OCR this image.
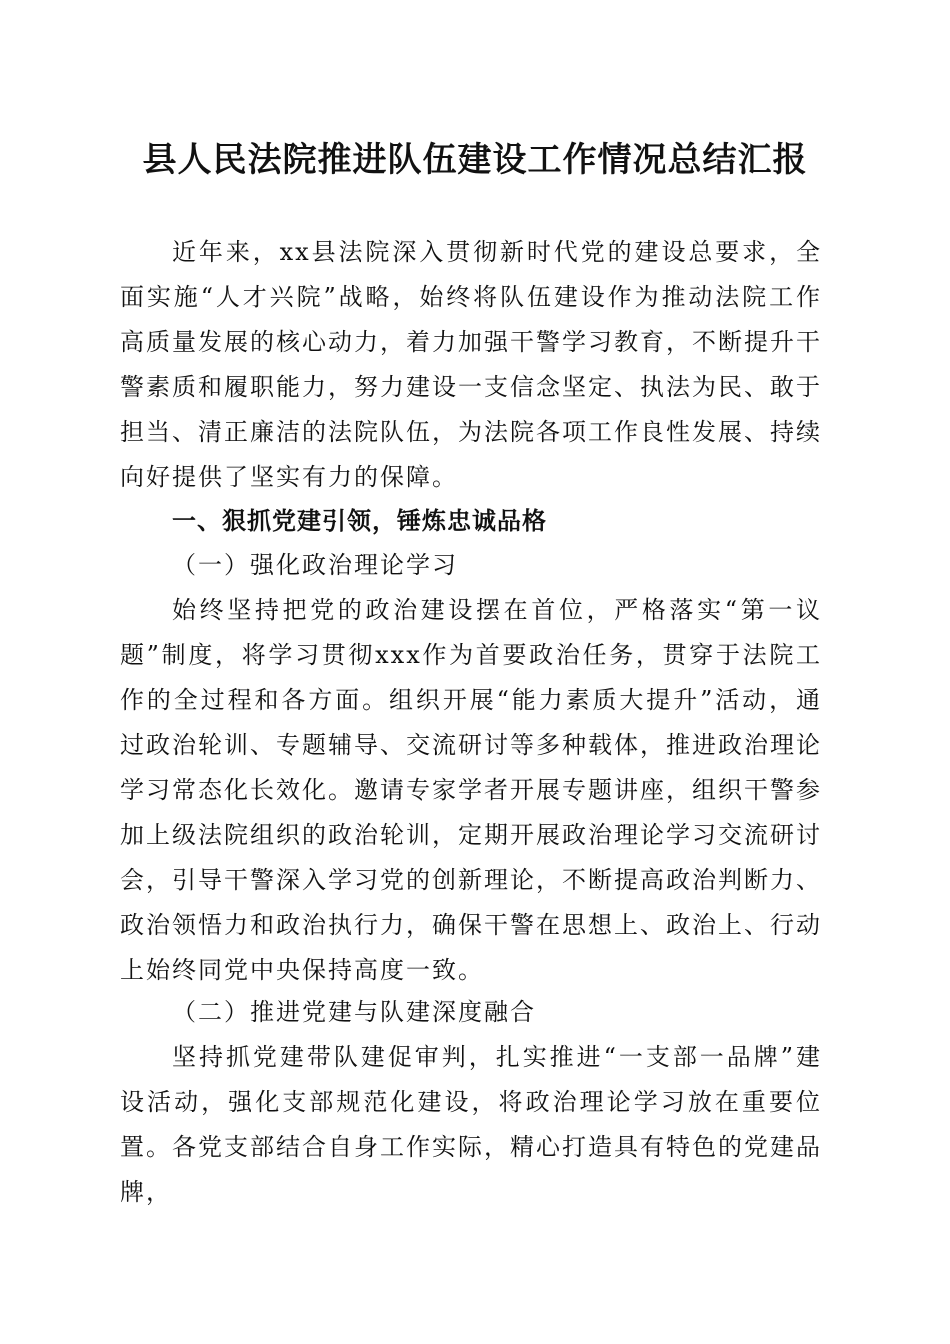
县人民法院推进队伍建设工作情况总结汇报

近年来，xx县法院深入贯彻新时代党的建设总要求，全面实施“人才兴院”战略，始终将队伍建设作为推动法院工作高质量发展的核心动力，着力加强干警学习教育，不断提升干警素质和履职能力，努力建设一支信念坚定、执法为民、敢于担当、清正廉洁的法院队伍，为法院各项工作良性发展、持续向好提供了坚实有力的保障。

一、狠抓党建引领，锤炼忠诚品格

（一）强化政治理论学习

始终坚持把党的政治建设摆在首位，严格落实“第一议题”制度，将学习贯彻xxx作为首要政治任务，贯穿于法院工作的全过程和各方面。组织开展“能力素质大提升”活动，通过政治轮训、专题辅导、交流研讨等多种载体，推进政治理论学习常态化长效化。邀请专家学者开展专题讲座，组织干警参加上级法院组织的政治轮训，定期开展政治理论学习交流研讨会，引导干警深入学习党的创新理论，不断提高政治判断力、政治领悟力和政治执行力，确保干警在思想上、政治上、行动上始终同党中央保持高度一致。

（二）推进党建与队建深度融合

坚持抓党建带队建促审判，扎实推进“一支部一品牌”建设活动，强化支部规范化建设，将政治理论学习放在重要位置。各党支部结合自身工作实际，精心打造具有特色的党建品牌，
